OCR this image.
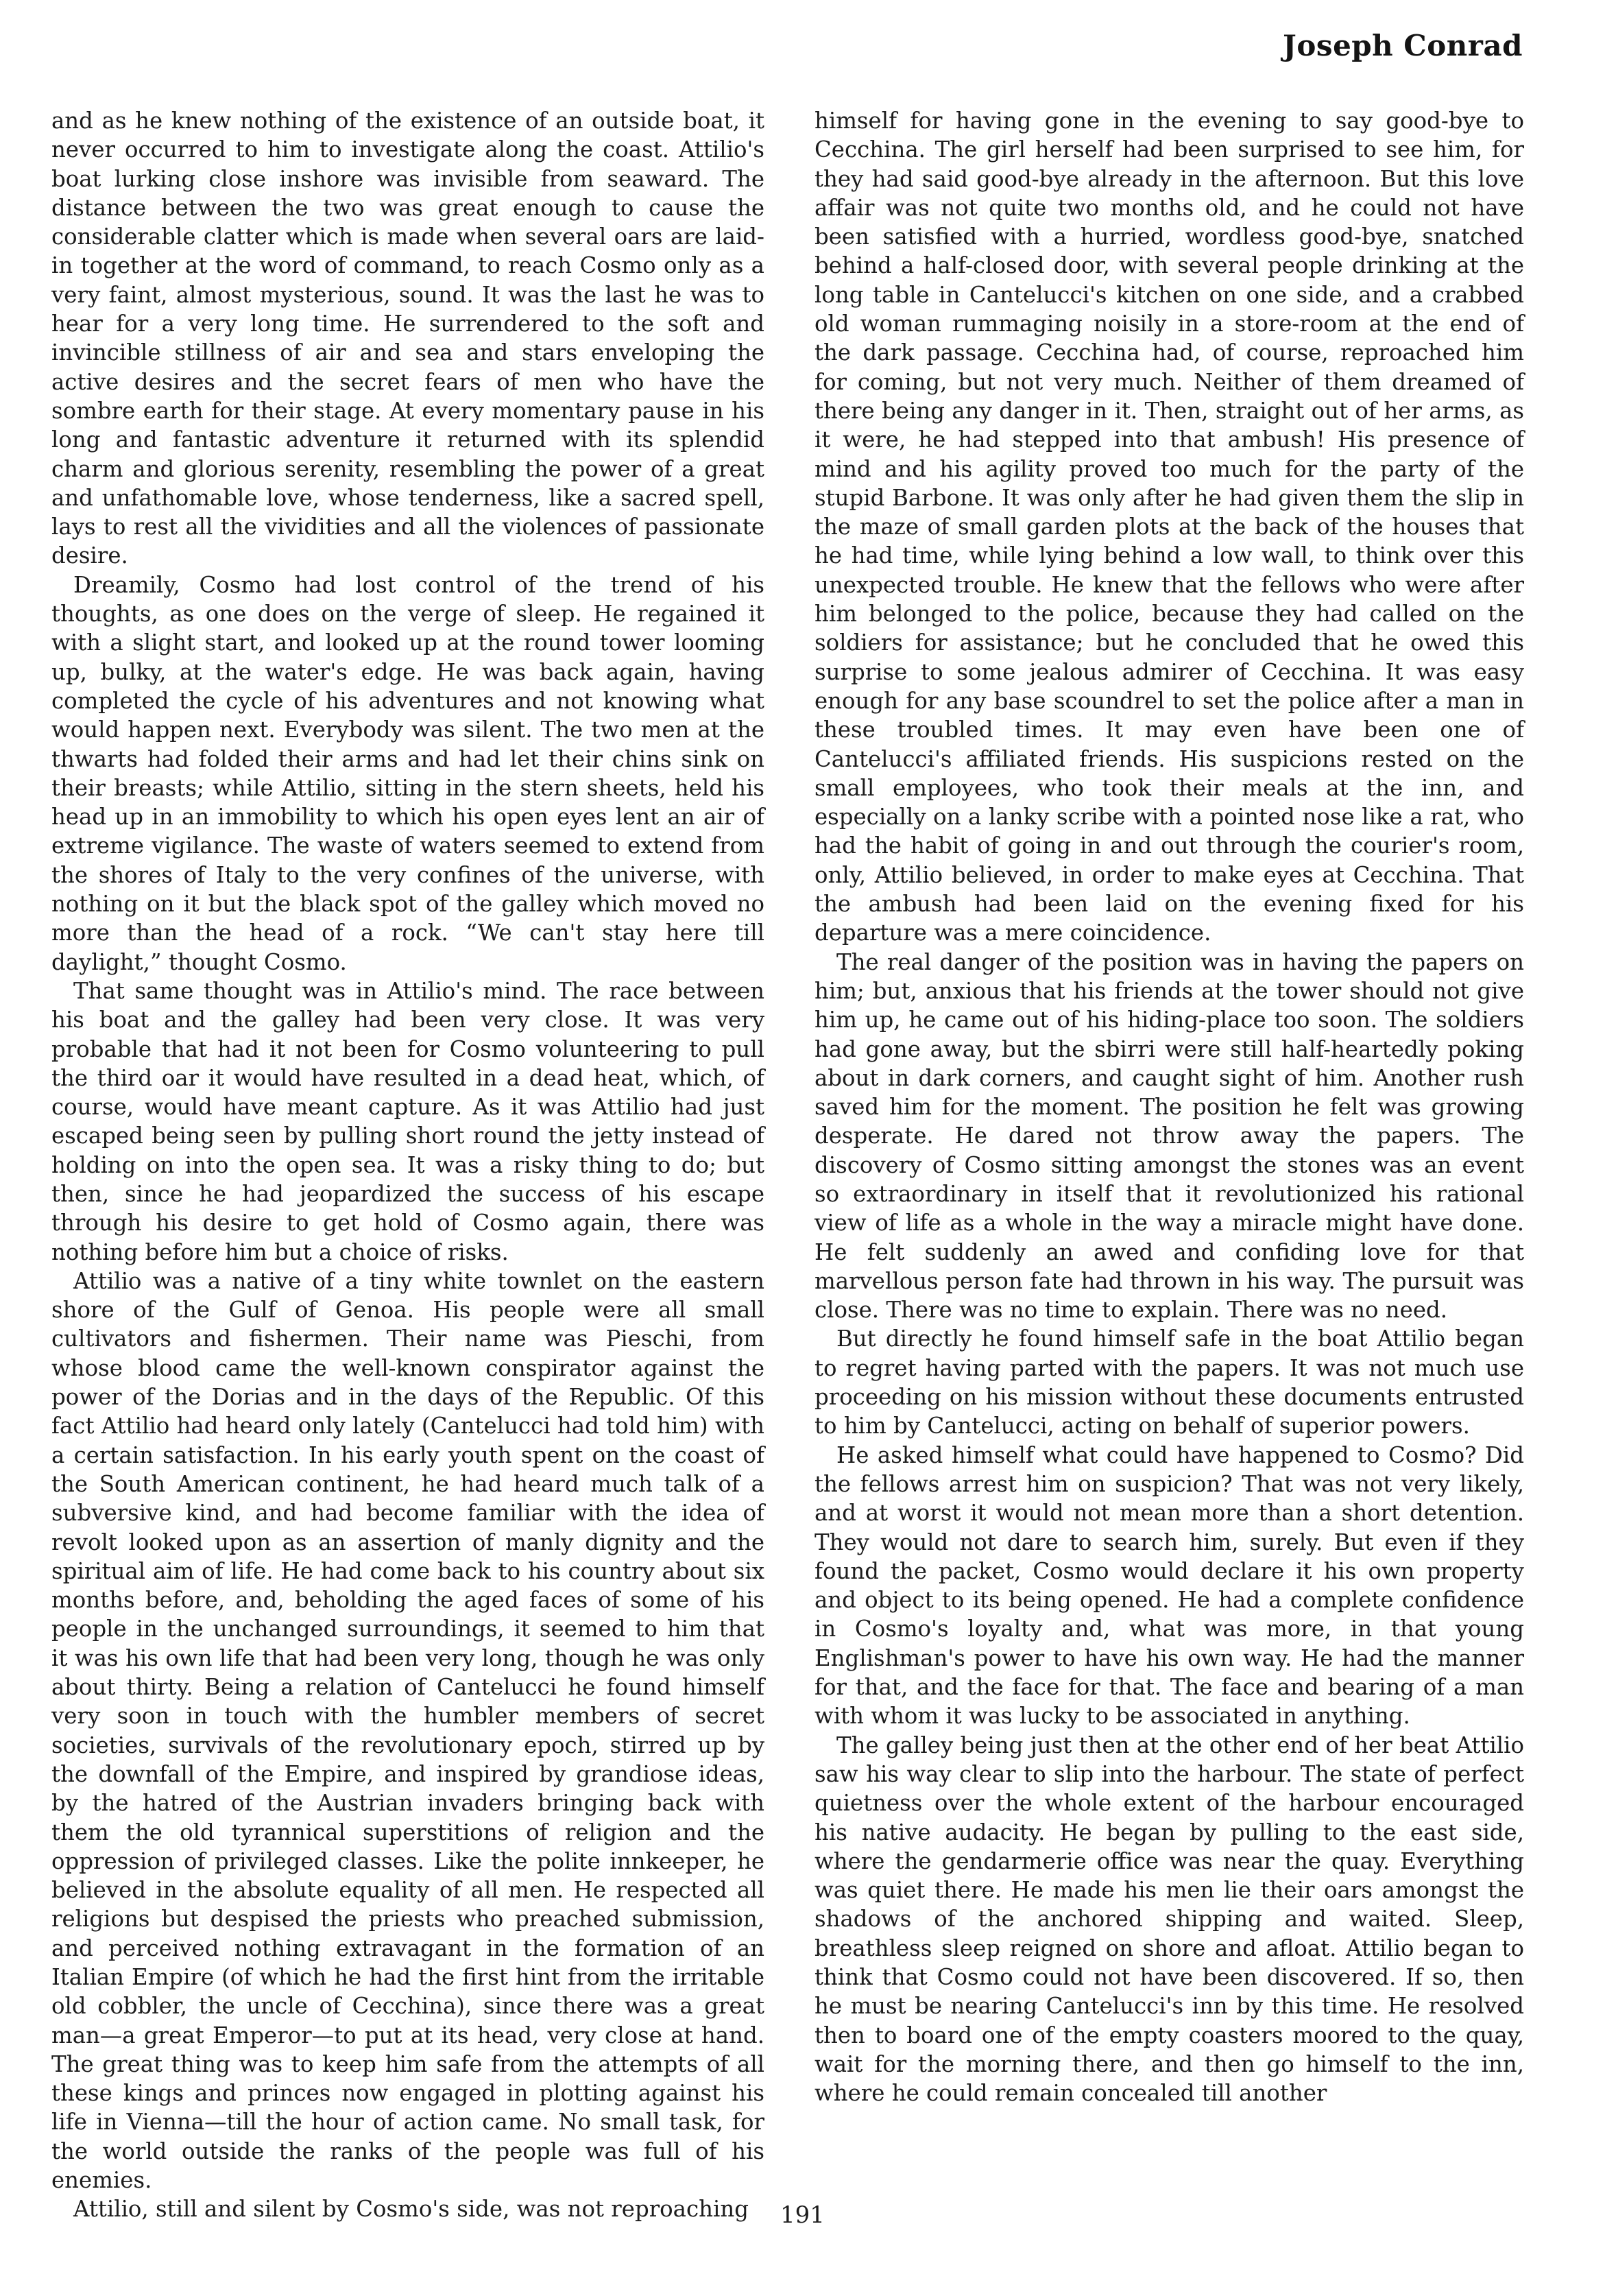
Joseph Conrad

and as he knew nothing of the existence of an outside boat, it never occurred to him to investigate along the coast. Attilio's boat lurking close inshore was invisible from seaward. The distance between the two was great enough to cause the considerable clatter which is made when several oars are laid-in together at the word of command, to reach Cosmo only as a very faint, almost mysterious, sound. It was the last he was to hear for a very long time. He surrendered to the soft and invincible stillness of air and sea and stars enveloping the active desires and the secret fears of men who have the sombre earth for their stage. At every momentary pause in his long and fantastic adventure it returned with its splendid charm and glorious serenity, resembling the power of a great and unfathomable love, whose tenderness, like a sacred spell, lays to rest all the vividities and all the violences of passionate desire.

Dreamily, Cosmo had lost control of the trend of his thoughts, as one does on the verge of sleep. He regained it with a slight start, and looked up at the round tower looming up, bulky, at the water's edge. He was back again, having completed the cycle of his adventures and not knowing what would happen next. Everybody was silent. The two men at the thwarts had folded their arms and had let their chins sink on their breasts; while Attilio, sitting in the stern sheets, held his head up in an immobility to which his open eyes lent an air of extreme vigilance. The waste of waters seemed to extend from the shores of Italy to the very confines of the universe, with nothing on it but the black spot of the galley which moved no more than the head of a rock. “We can't stay here till daylight,” thought Cosmo.

That same thought was in Attilio's mind. The race between his boat and the galley had been very close. It was very probable that had it not been for Cosmo volunteering to pull the third oar it would have resulted in a dead heat, which, of course, would have meant capture. As it was Attilio had just escaped being seen by pulling short round the jetty instead of holding on into the open sea. It was a risky thing to do; but then, since he had jeopardized the success of his escape through his desire to get hold of Cosmo again, there was nothing before him but a choice of risks.

Attilio was a native of a tiny white townlet on the eastern shore of the Gulf of Genoa. His people were all small cultivators and fishermen. Their name was Pieschi, from whose blood came the well-known conspirator against the power of the Dorias and in the days of the Republic. Of this fact Attilio had heard only lately (Cantelucci had told him) with a certain satisfaction. In his early youth spent on the coast of the South American continent, he had heard much talk of a subversive kind, and had become familiar with the idea of revolt looked upon as an assertion of manly dignity and the spiritual aim of life. He had come back to his country about six months before, and, beholding the aged faces of some of his people in the unchanged surroundings, it seemed to him that it was his own life that had been very long, though he was only about thirty. Being a relation of Cantelucci he found himself very soon in touch with the humbler members of secret societies, survivals of the revolutionary epoch, stirred up by the downfall of the Empire, and inspired by grandiose ideas, by the hatred of the Austrian invaders bringing back with them the old tyrannical superstitions of religion and the oppression of privileged classes. Like the polite innkeeper, he believed in the absolute equality of all men. He respected all religions but despised the priests who preached submission, and perceived nothing extravagant in the formation of an Italian Empire (of which he had the first hint from the irritable old cobbler, the uncle of Cecchina), since there was a great man—a great Emperor—to put at its head, very close at hand. The great thing was to keep him safe from the attempts of all these kings and princes now engaged in plotting against his life in Vienna—till the hour of action came. No small task, for the world outside the ranks of the people was full of his enemies.

Attilio, still and silent by Cosmo's side, was not reproaching

himself for having gone in the evening to say good-bye to Cecchina. The girl herself had been surprised to see him, for they had said good-bye already in the afternoon. But this love affair was not quite two months old, and he could not have been satisfied with a hurried, wordless good-bye, snatched behind a half-closed door, with several people drinking at the long table in Cantelucci's kitchen on one side, and a crabbed old woman rummaging noisily in a store-room at the end of the dark passage. Cecchina had, of course, reproached him for coming, but not very much. Neither of them dreamed of there being any danger in it. Then, straight out of her arms, as it were, he had stepped into that ambush! His presence of mind and his agility proved too much for the party of the stupid Barbone. It was only after he had given them the slip in the maze of small garden plots at the back of the houses that he had time, while lying behind a low wall, to think over this unexpected trouble. He knew that the fellows who were after him belonged to the police, because they had called on the soldiers for assistance; but he concluded that he owed this surprise to some jealous admirer of Cecchina. It was easy enough for any base scoundrel to set the police after a man in these troubled times. It may even have been one of Cantelucci's affiliated friends. His suspicions rested on the small employees, who took their meals at the inn, and especially on a lanky scribe with a pointed nose like a rat, who had the habit of going in and out through the courier's room, only, Attilio believed, in order to make eyes at Cecchina. That the ambush had been laid on the evening fixed for his departure was a mere coincidence.

The real danger of the position was in having the papers on him; but, anxious that his friends at the tower should not give him up, he came out of his hiding-place too soon. The soldiers had gone away, but the sbirri were still half-heartedly poking about in dark corners, and caught sight of him. Another rush saved him for the moment. The position he felt was growing desperate. He dared not throw away the papers. The discovery of Cosmo sitting amongst the stones was an event so extraordinary in itself that it revolutionized his rational view of life as a whole in the way a miracle might have done. He felt suddenly an awed and confiding love for that marvellous person fate had thrown in his way. The pursuit was close. There was no time to explain. There was no need.

But directly he found himself safe in the boat Attilio began to regret having parted with the papers. It was not much use proceeding on his mission without these documents entrusted to him by Cantelucci, acting on behalf of superior powers.

He asked himself what could have happened to Cosmo? Did the fellows arrest him on suspicion? That was not very likely, and at worst it would not mean more than a short detention. They would not dare to search him, surely. But even if they found the packet, Cosmo would declare it his own property and object to its being opened. He had a complete confidence in Cosmo's loyalty and, what was more, in that young Englishman's power to have his own way. He had the manner for that, and the face for that. The face and bearing of a man with whom it was lucky to be associated in anything.

The galley being just then at the other end of her beat Attilio saw his way clear to slip into the harbour. The state of perfect quietness over the whole extent of the harbour encouraged his native audacity. He began by pulling to the east side, where the gendarmerie office was near the quay. Everything was quiet there. He made his men lie their oars amongst the shadows of the anchored shipping and waited. Sleep, breathless sleep reigned on shore and afloat. Attilio began to think that Cosmo could not have been discovered. If so, then he must be nearing Cantelucci's inn by this time. He resolved then to board one of the empty coasters moored to the quay, wait for the morning there, and then go himself to the inn, where he could remain concealed till another

191
